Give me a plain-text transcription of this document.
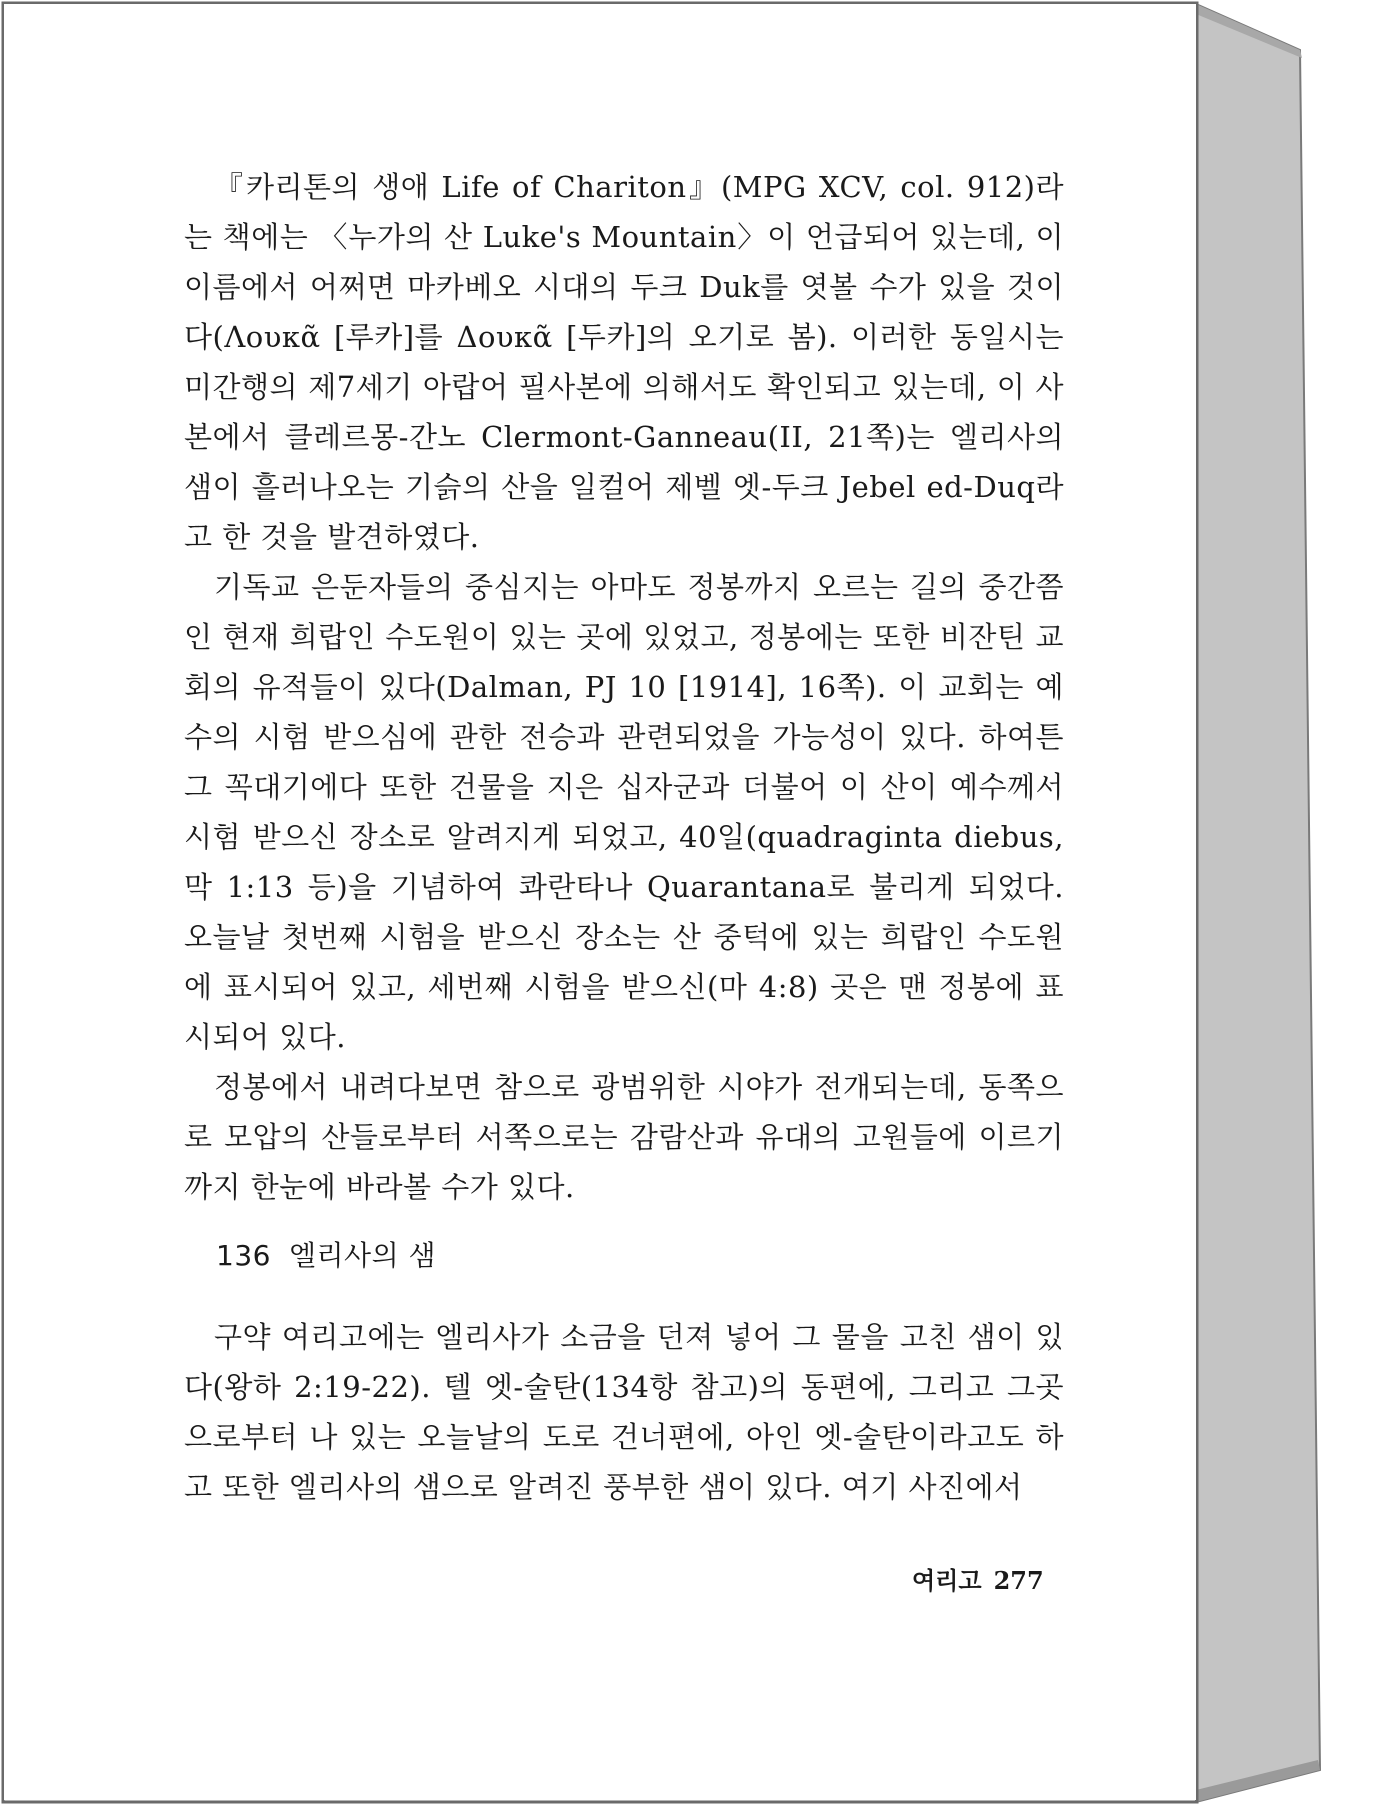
『카리톤의 생애 Life of Chariton』(MPG XCV, col. 912)라는 책에는 〈누가의 산 Luke's Mountain〉이 언급되어 있는데, 이 이름에서 어쩌면 마카베오 시대의 두크 Duk를 엿볼 수가 있을 것이다(Λουκᾶ [루카]를 Δουκᾶ [두카]의 오기로 봄). 이러한 동일시는 미간행의 제7세기 아랍어 필사본에 의해서도 확인되고 있는데, 이 사본에서 클레르몽-간노 Clermont-Ganneau(II, 21쪽)는 엘리사의 샘이 흘러나오는 기슭의 산을 일컬어 제벨 엣-두크 Jebel ed-Duq라고 한 것을 발견하였다.

기독교 은둔자들의 중심지는 아마도 정봉까지 오르는 길의 중간쯤인 현재 희랍인 수도원이 있는 곳에 있었고, 정봉에는 또한 비잔틴 교회의 유적들이 있다(Dalman, PJ 10 [1914], 16쪽). 이 교회는 예수의 시험 받으심에 관한 전승과 관련되었을 가능성이 있다. 하여튼 그 꼭대기에다 또한 건물을 지은 십자군과 더불어 이 산이 예수께서 시험 받으신 장소로 알려지게 되었고, 40일(quadraginta diebus, 막 1:13 등)을 기념하여 콰란타나 Quarantana로 불리게 되었다. 오늘날 첫번째 시험을 받으신 장소는 산 중턱에 있는 희랍인 수도원에 표시되어 있고, 세번째 시험을 받으신(마 4:8) 곳은 맨 정봉에 표시되어 있다.

정봉에서 내려다보면 참으로 광범위한 시야가 전개되는데, 동쪽으로 모압의 산들로부터 서쪽으로는 감람산과 유대의 고원들에 이르기까지 한눈에 바라볼 수가 있다.

136 엘리사의 샘

구약 여리고에는 엘리사가 소금을 던져 넣어 그 물을 고친 샘이 있다(왕하 2:19-22). 텔 엣-술탄(134항 참고)의 동편에, 그리고 그곳으로부터 나 있는 오늘날의 도로 건너편에, 아인 엣-술탄이라고도 하고 또한 엘리사의 샘으로 알려진 풍부한 샘이 있다. 여기 사진에서

여리고 277
